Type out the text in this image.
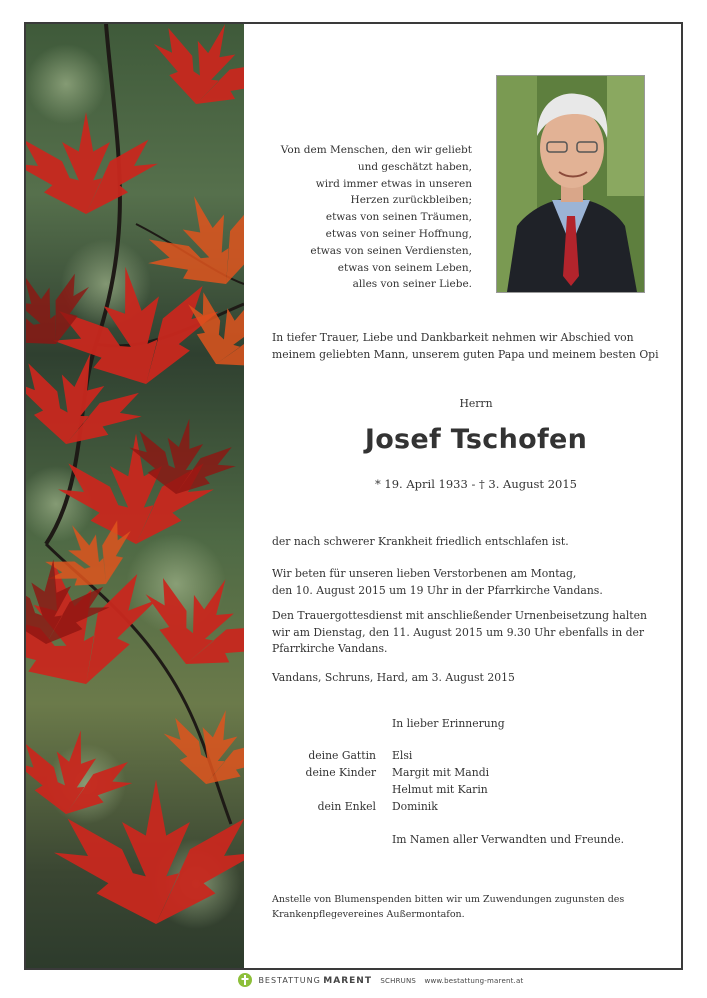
Von dem Menschen, den wir geliebt
und geschätzt haben,
wird immer etwas in unseren
Herzen zurückbleiben;
etwas von seinen Träumen,
etwas von seiner Hoffnung,
etwas von seinen Verdiensten,
etwas von seinem Leben,
alles von seiner Liebe.
In tiefer Trauer, Liebe und Dankbarkeit nehmen wir Abschied von
meinem geliebten Mann, unserem guten Papa und meinem besten Opi
Herrn
Josef Tschofen
* 19. April 1933 - † 3. August 2015
der nach schwerer Krankheit friedlich entschlafen ist.
Wir beten für unseren lieben Verstorbenen am Montag,
den 10. August 2015 um 19 Uhr in der Pfarrkirche Vandans.
Den Trauergottesdienst mit anschließender Urnenbeisetzung halten
wir am Dienstag, den 11. August 2015 um 9.30 Uhr ebenfalls in der
Pfarrkirche Vandans.
Vandans, Schruns, Hard, am 3. August 2015
In lieber Erinnerung
deine Gattin Elsi
deine Kinder Margit mit Mandi
Helmut mit Karin
dein Enkel Dominik
Im Namen aller Verwandten und Freunde.
Anstelle von Blumenspenden bitten wir um Zuwendungen zugunsten des
Krankenpflegevereines Außermontafon.
BESTATTUNG MARENT SCHRUNS www.bestattung-marent.at
